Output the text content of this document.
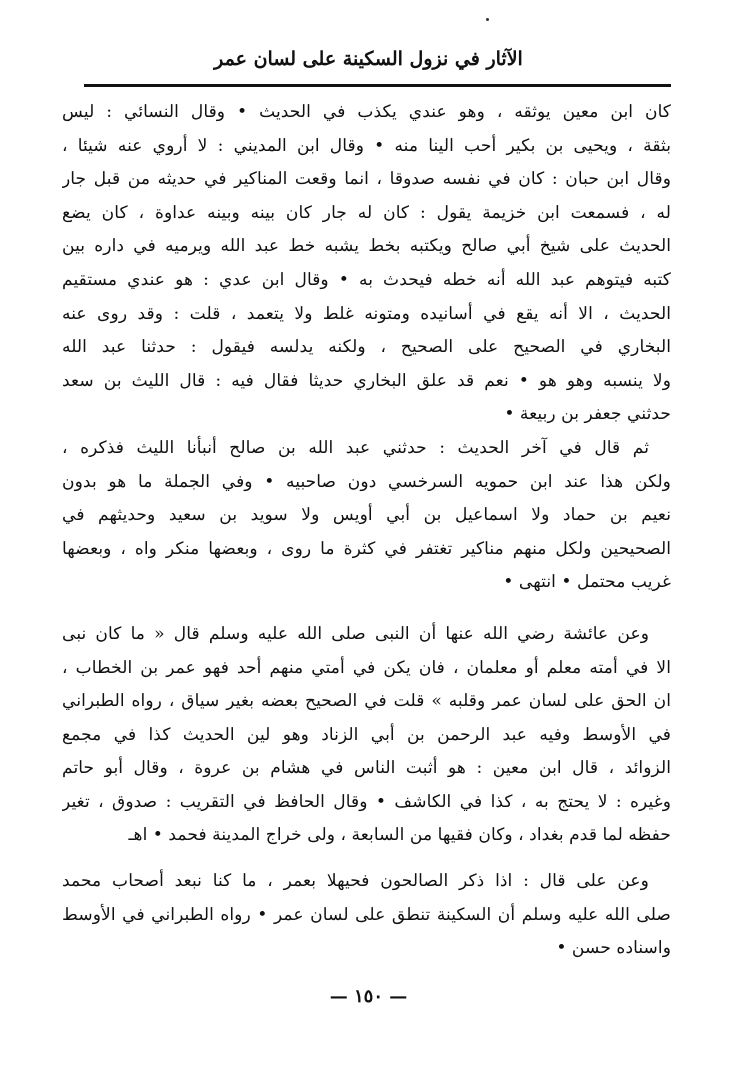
الآثار في نزول السكينة على لسان عمر
كان ابن معين يوثقه ، وهو عندي يكذب في الحديث • وقال النسائي : ليس
بثقة ، ويحيى بن بكير أحب الينا منه • وقال ابن المديني : لا أروي عنه شيئا ،
وقال ابن حبان : كان في نفسه صدوقا ، انما وقعت المناكير في حديثه من قبل جار
له ، فسمعت ابن خزيمة يقول : كان له جار كان بينه وبينه عداوة ، كان يضع
الحديث على شيخ أبي صالح ويكتبه بخط يشبه خط عبد الله ويرميه في داره بين
كتبه فيتوهم عبد الله أنه خطه فيحدث به • وقال ابن عدي : هو عندي مستقيم
الحديث ، الا أنه يقع في أسانيده ومتونه غلط ولا يتعمد ، قلت : وقد روى عنه
البخاري في الصحيح على الصحيح ، ولكنه يدلسه فيقول : حدثنا عبد الله
ولا ينسبه وهو هو • نعم قد علق البخاري حديثا فقال فيه : قال الليث بن سعد
حدثني جعفر بن ربيعة •
ثم قال في آخر الحديث : حدثني عبد الله بن صالح أنبأنا الليث فذكره ،
ولكن هذا عند ابن حمويه السرخسي دون صاحبيه • وفي الجملة ما هو بدون
نعيم بن حماد ولا اسماعيل بن أبي أويس ولا سويد بن سعيد وحديثهم في
الصحيحين ولكل منهم مناكير تغتفر في كثرة ما روى ، وبعضها منكر واه ، وبعضها
غريب محتمل • انتهى •
وعن عائشة رضي الله عنها أن النبى صلى الله عليه وسلم قال « ما كان نبى
الا في أمته معلم أو معلمان ، فان يكن في أمتي منهم أحد فهو عمر بن الخطاب ،
ان الحق على لسان عمر وقلبه » قلت في الصحيح بعضه بغير سياق ، رواه الطبراني
في الأوسط وفيه عبد الرحمن بن أبي الزناد وهو لين الحديث كذا في مجمع
الزوائد ، قال ابن معين : هو أثبت الناس في هشام بن عروة ، وقال أبو حاتم
وغيره : لا يحتج به ، كذا في الكاشف • وقال الحافظ في التقريب : صدوق ، تغير
حفظه لما قدم بغداد ، وكان فقيها من السابعة ، ولى خراج المدينة فحمد • اهـ
وعن على قال : اذا ذكر الصالحون فحيهلا بعمر ، ما كنا نبعد أصحاب محمد
صلى الله عليه وسلم أن السكينة تنطق على لسان عمر • رواه الطبراني في الأوسط
واسناده حسن •
— ١٥٠ —
